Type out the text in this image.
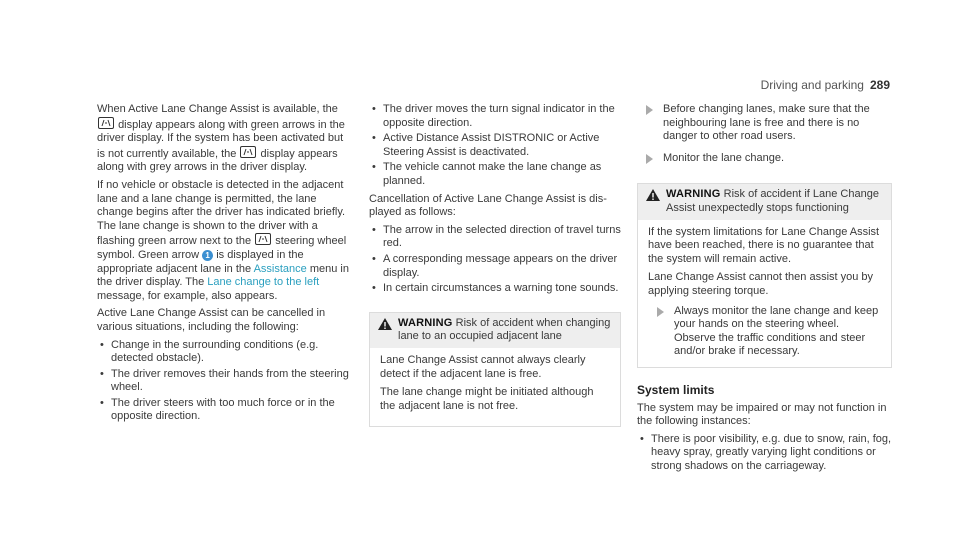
Driving and parking 289

When Active Lane Change Assist is available, the
display appears along with green arrows in the driver display. If the system has been activated but is not currently available, the display appears along with grey arrows in the driver display.

If no vehicle or obstacle is detected in the adjacent lane and a lane change is permitted, the lane change begins after the driver has indicated briefly. The lane change is shown to the driver with a flashing green arrow next to the steering wheel symbol. Green arrow 1 is displayed in the appropriate adjacent lane in the Assistance menu in the driver display. The Lane change to the left message, for example, also appears.

Active Lane Change Assist can be cancelled in various situations, including the following:

• Change in the surrounding conditions (e.g. detected obstacle).
• The driver removes their hands from the steering wheel.
• The driver steers with too much force or in the opposite direction.
• The driver moves the turn signal indicator in the opposite direction.
• Active Distance Assist DISTRONIC or Active Steering Assist is deactivated.
• The vehicle cannot make the lane change as planned.

Cancellation of Active Lane Change Assist is displayed as follows:

• The arrow in the selected direction of travel turns red.
• A corresponding message appears on the driver display.
• In certain circumstances a warning tone sounds.
WARNING Risk of accident when changing lane to an occupied adjacent lane

Lane Change Assist cannot always clearly detect if the adjacent lane is free.

The lane change might be initiated although the adjacent lane is not free.

Before changing lanes, make sure that the neighbouring lane is free and there is no danger to other road users.
Monitor the lane change.
WARNING Risk of accident if Lane Change Assist unexpectedly stops functioning

If the system limitations for Lane Change Assist have been reached, there is no guarantee that the system will remain active.

Lane Change Assist cannot then assist you by applying steering torque.

Always monitor the lane change and keep your hands on the steering wheel. Observe the traffic conditions and steer and/or brake if necessary.

System limits

The system may be impaired or may not function in the following instances:

• There is poor visibility, e.g. due to snow, rain, fog, heavy spray, greatly varying light conditions or strong shadows on the carriageway.
